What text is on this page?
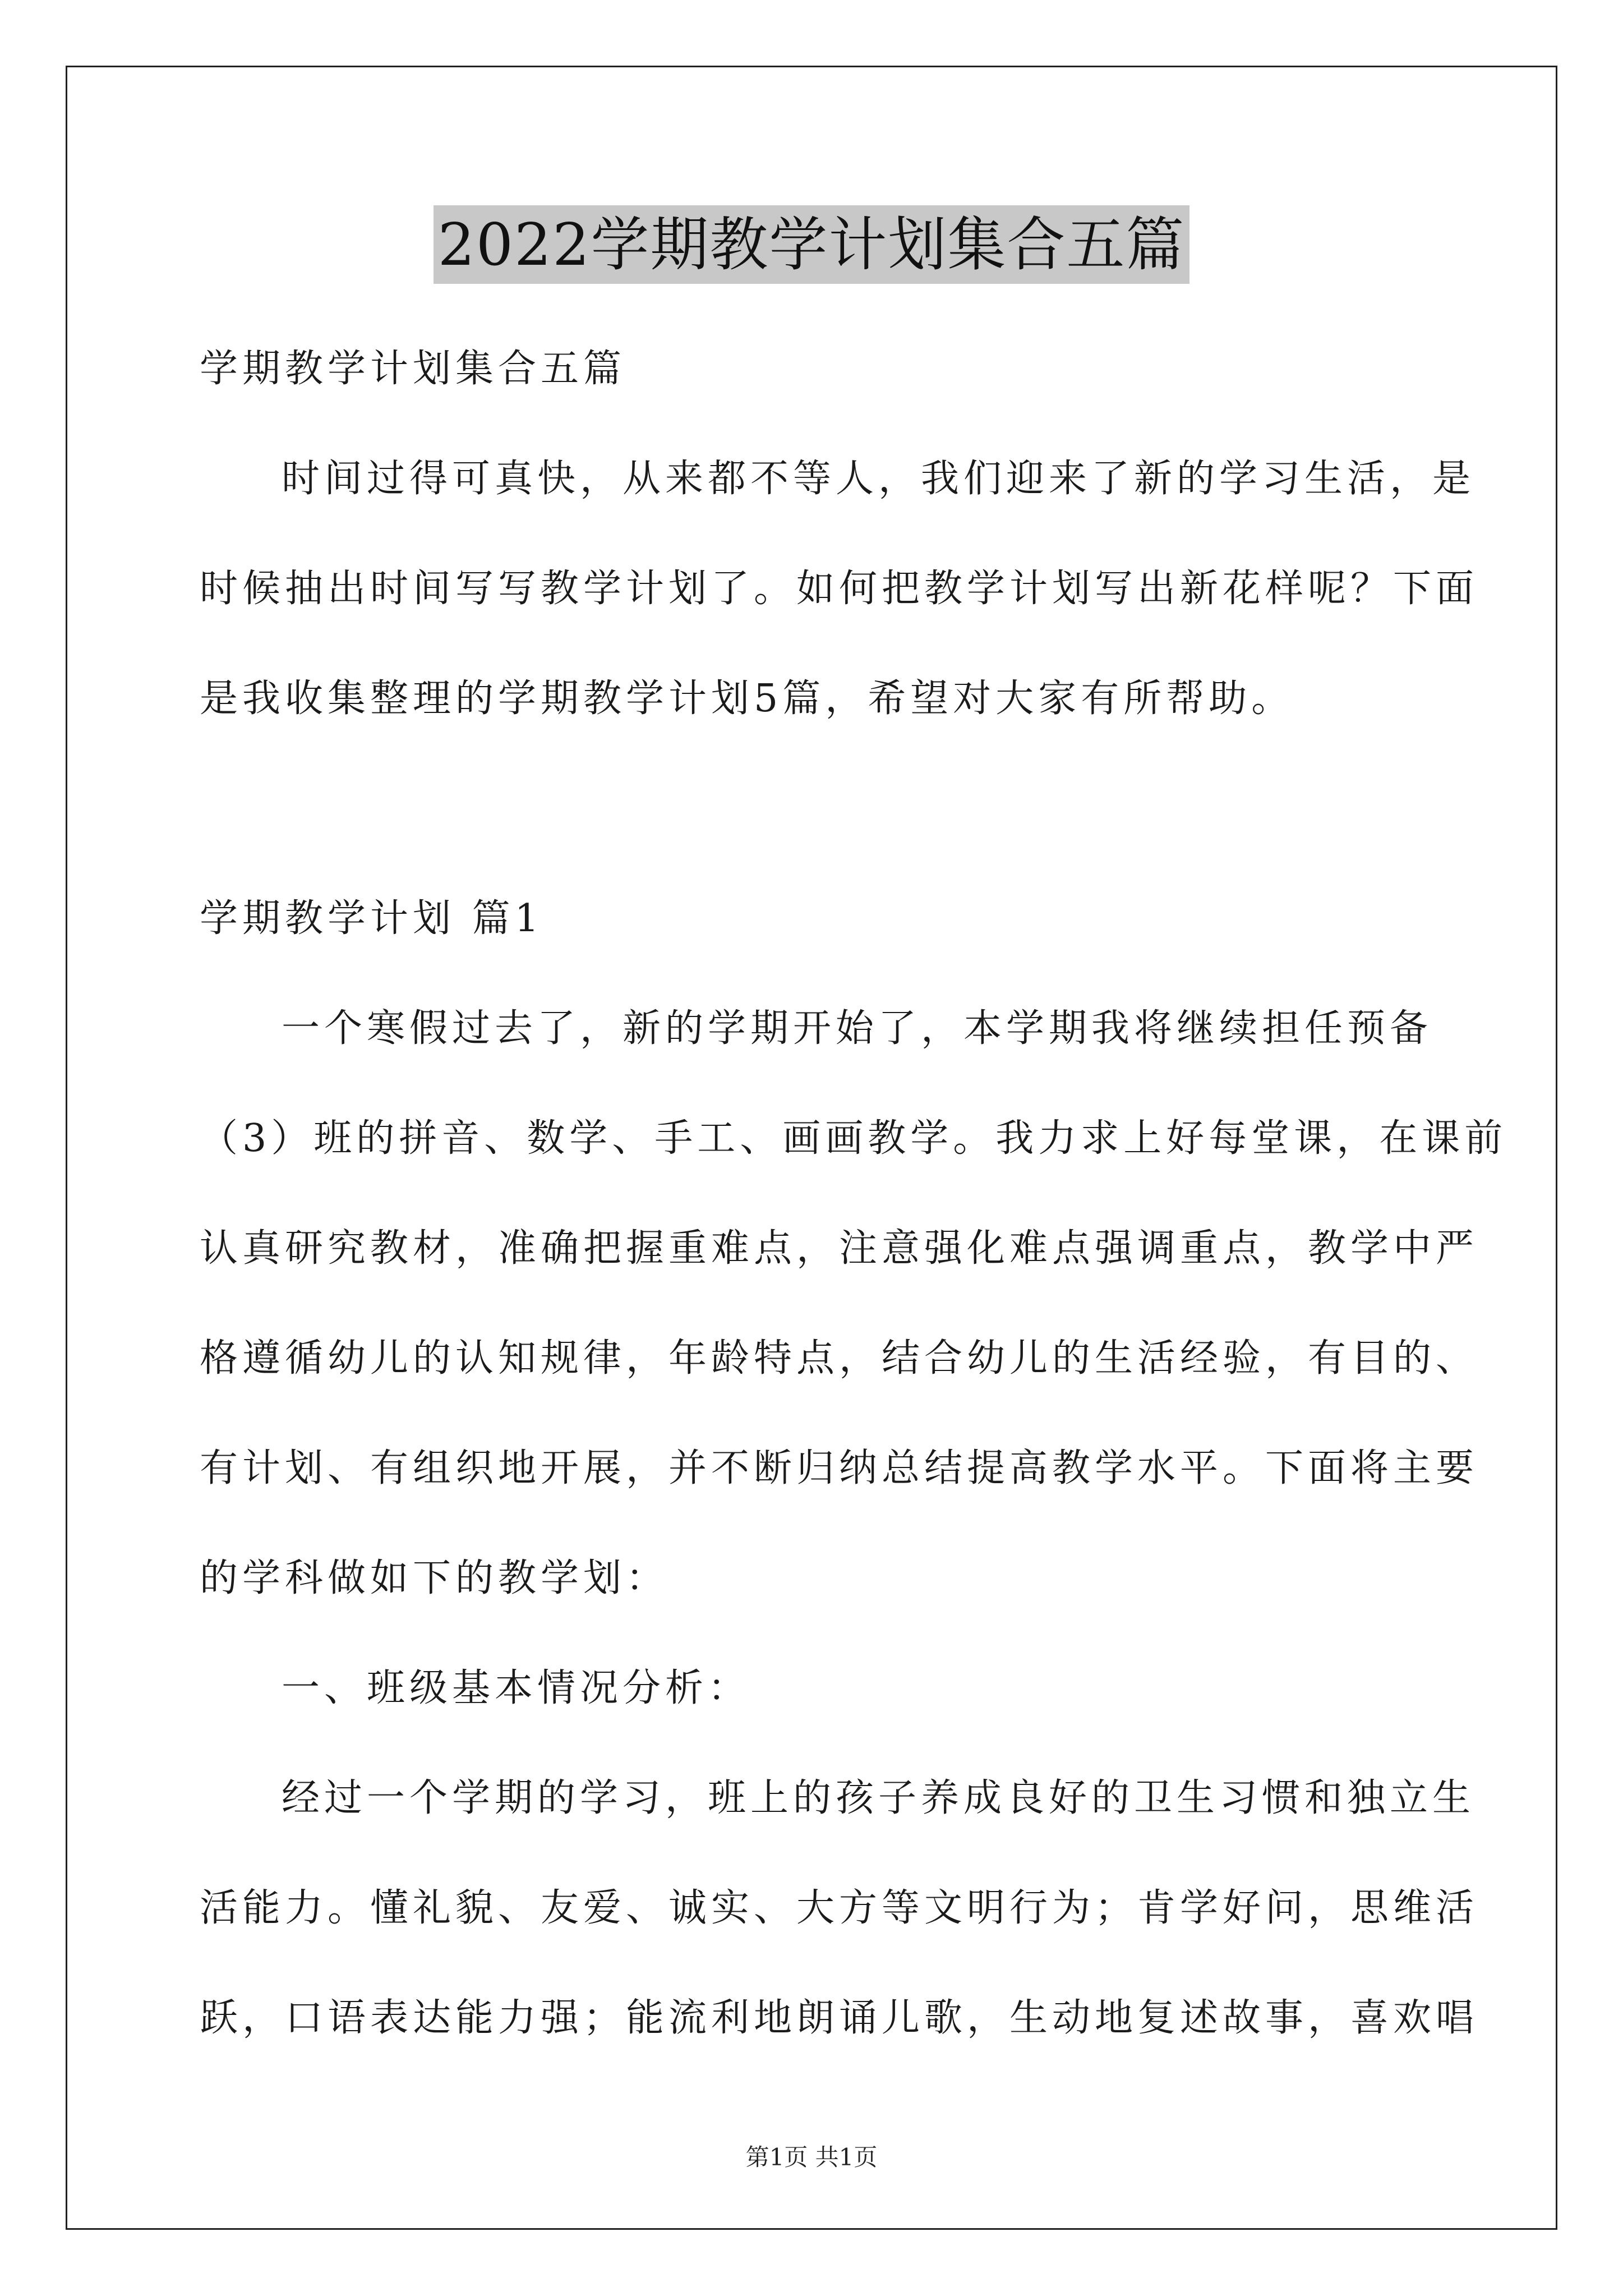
2022学期教学计划集合五篇
学期教学计划集合五篇
时间过得可真快，从来都不等人，我们迎来了新的学习生活，是
时候抽出时间写写教学计划了。如何把教学计划写出新花样呢？下面
是我收集整理的学期教学计划5篇，希望对大家有所帮助。
学期教学计划 篇1
一个寒假过去了，新的学期开始了，本学期我将继续担任预备
（3）班的拼音、数学、手工、画画教学。我力求上好每堂课，在课前
认真研究教材，准确把握重难点，注意强化难点强调重点，教学中严
格遵循幼儿的认知规律，年龄特点，结合幼儿的生活经验，有目的、
有计划、有组织地开展，并不断归纳总结提高教学水平。下面将主要
的学科做如下的教学划：
一、班级基本情况分析：
经过一个学期的学习，班上的孩子养成良好的卫生习惯和独立生
活能力。懂礼貌、友爱、诚实、大方等文明行为；肯学好问，思维活
跃，口语表达能力强；能流利地朗诵儿歌，生动地复述故事，喜欢唱
第1页 共1页
